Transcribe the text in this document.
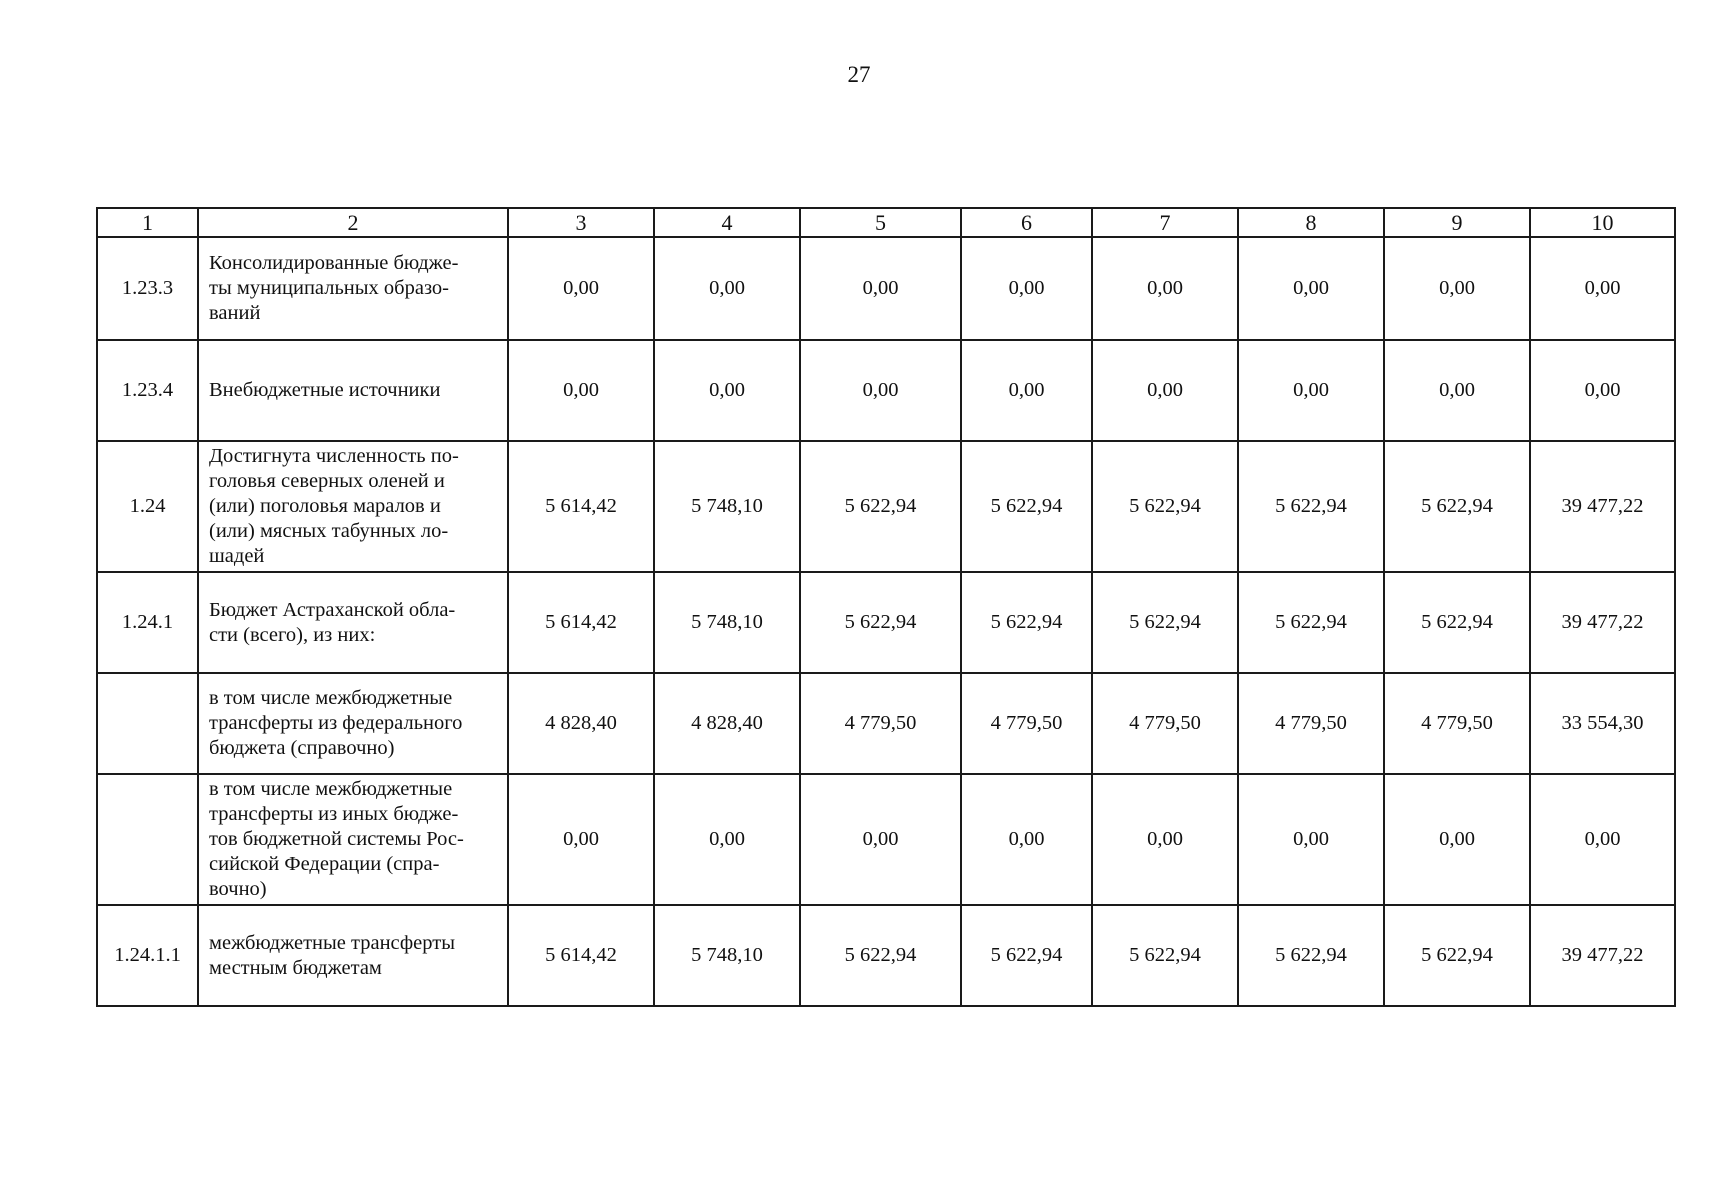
27
1	2	3	4	5	6	7	8	9	10
1.23.3	Консолидированные бюдже-
ты муниципальных образо-
ваний	0,00	0,00	0,00	0,00	0,00	0,00	0,00	0,00
1.23.4	Внебюджетные источники	0,00	0,00	0,00	0,00	0,00	0,00	0,00	0,00
1.24	Достигнута численность по-
головья северных оленей и
(или) поголовья маралов и
(или) мясных табунных ло-
шадей	5 614,42	5 748,10	5 622,94	5 622,94	5 622,94	5 622,94	5 622,94	39 477,22
1.24.1	Бюджет Астраханской обла-
сти (всего), из них:	5 614,42	5 748,10	5 622,94	5 622,94	5 622,94	5 622,94	5 622,94	39 477,22
	в том числе межбюджетные
трансферты из федерального
бюджета (справочно)	4 828,40	4 828,40	4 779,50	4 779,50	4 779,50	4 779,50	4 779,50	33 554,30
	в том числе межбюджетные
трансферты из иных бюдже-
тов бюджетной системы Рос-
сийской Федерации (спра-
вочно)	0,00	0,00	0,00	0,00	0,00	0,00	0,00	0,00
1.24.1.1	межбюджетные трансферты
местным бюджетам	5 614,42	5 748,10	5 622,94	5 622,94	5 622,94	5 622,94	5 622,94	39 477,22
